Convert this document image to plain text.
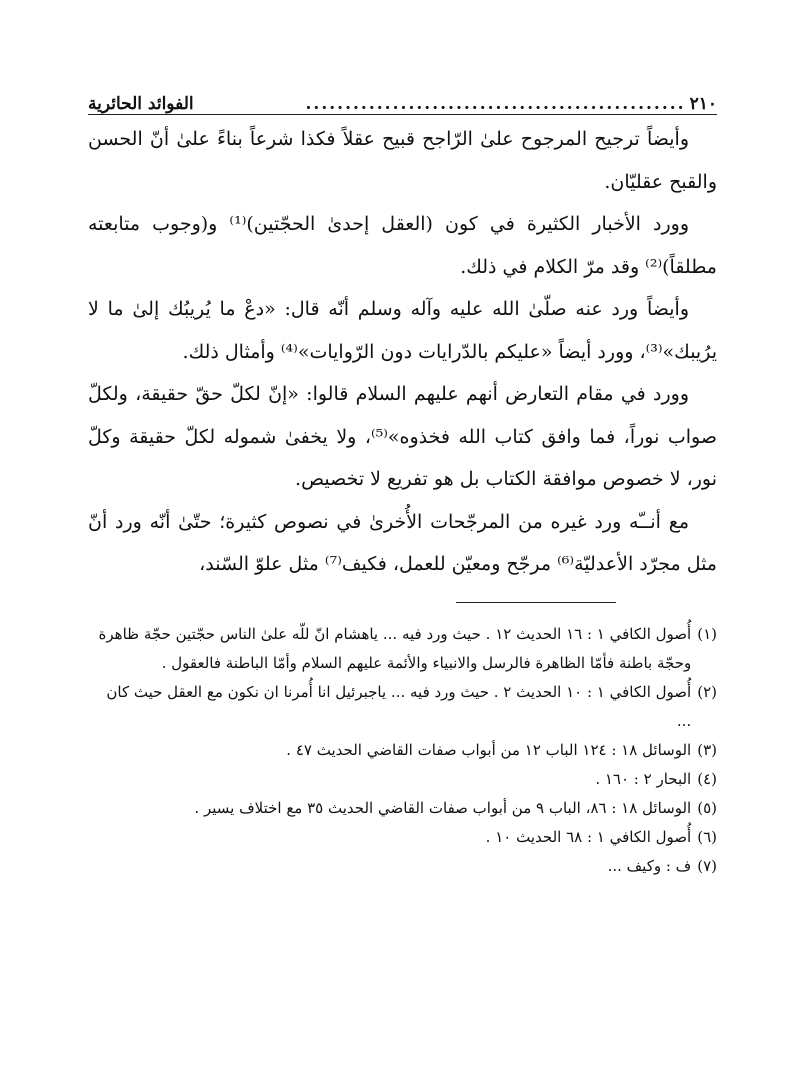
٢١٠
................................................
الفوائد الحائرية

وأيضاً ترجيح المرجوح علىٰ الرّاجح قبيح عقلاً فكذا شرعاً بناءً علىٰ أنّ الحسن والقبح عقليّان.

وورد الأخبار الكثيرة في كون (العقل إحدىٰ الحجّتين)⁽¹⁾ و(وجوب متابعته مطلقاً)⁽²⁾ وقد مرّ الكلام في ذلك.

وأيضاً ورد عنه صلّىٰ الله عليه وآله وسلم أنّه قال: «دعْ ما يُريبُك إلىٰ ما لا يرُيبك»⁽³⁾، وورد أيضاً «عليكم بالدّرايات دون الرّوايات»⁽⁴⁾ وأمثال ذلك.

وورد في مقام التعارض أنهم عليهم السلام قالوا: «إنّ لكلّ حقّ حقيقة، ولكلّ صواب نوراً، فما وافق كتاب الله فخذوه»⁽⁵⁾، ولا يخفىٰ شموله لكلّ حقيقة وكلّ نور، لا خصوص موافقة الكتاب بل هو تفريع لا تخصيص.

مع أنــّه ورد غيره من المرجّحات الأُخرىٰ في نصوص كثيرة؛ حتّىٰ أنّه ورد أنّ مثل مجرّد الأعدليّة⁽⁶⁾ مرجّح ومعيّن للعمل، فكيف⁽⁷⁾ مثل علوّ السّند،

(١)
أُصول الكافي ١ : ١٦ الحديث ١٢ . حيث ورد فيه ... ياهشام انّ للّه علىٰ الناس حجّتين حجّة ظاهرة وحجّة باطنة فأمّا الظاهرة فالرسل والانبياء والأئمة عليهم السلام وأمّا الباطنة فالعقول .
(٢)
أُصول الكافي ١ : ١٠ الحديث ٢ . حيث ورد فيه ... ياجبرئيل انا أُمرنا ان نكون مع العقل حيث كان ...
(٣)
الوسائل ١٨ : ١٢٤ الباب ١٢ من أبواب صفات القاضي الحديث ٤٧ .
(٤)
البحار ٢ : ١٦٠ .
(٥)
الوسائل ١٨ : ٨٦، الباب ٩ من أبواب صفات القاضي الحديث ٣٥ مع اختلاف يسير .
(٦)
أُصول الكافي ١ : ٦٨ الحديث ١٠ .
(٧)
ف : وكيف ...
